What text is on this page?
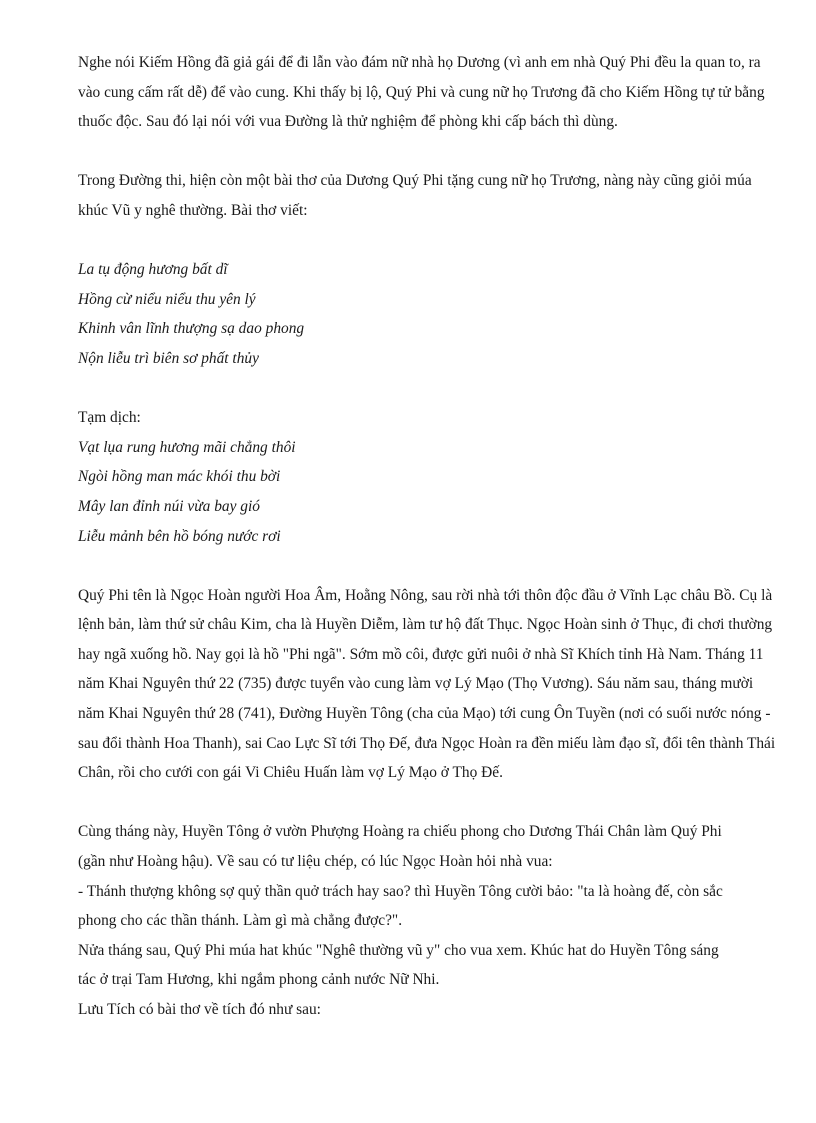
Nghe nói Kiếm Hồng đã giả gái để đi lẫn vào đám nữ nhà họ Dương (vì anh em nhà Quý Phi đều la quan to, ra vào cung cấm rất dễ) để vào cung. Khi thấy bị lộ, Quý Phi và cung nữ họ Trương đã cho Kiếm Hồng tự tử bằng thuốc độc. Sau đó lại nói với vua Đường là thử nghiệm để phòng khi cấp bách thì dùng.

Trong Đường thi, hiện còn một bài thơ của Dương Quý Phi tặng cung nữ họ Trương, nàng này cũng giỏi múa khúc Vũ y nghê thường. Bài thơ viết:

La tụ động hương bất dĩ
Hồng cừ niểu niểu thu yên lý
Khinh vân lĩnh thượng sạ dao phong
Nộn liễu trì biên sơ phất thủy
Tạm dịch:
Vạt lụa rung hương mãi chẳng thôi
Ngòi hồng man mác khói thu bời
Mây lan đỉnh núi vừa bay gió
Liễu mảnh bên hồ bóng nước rơi

Quý Phi tên là Ngọc Hoàn người Hoa Âm, Hoằng Nông, sau rời nhà tới thôn độc đầu ở Vĩnh Lạc châu Bồ. Cụ là lệnh bản, làm thứ sử châu Kim, cha là Huyền Diễm, làm tư hộ đất Thục. Ngọc Hoàn sinh ở Thục, đi chơi thường hay ngã xuống hồ. Nay gọi là hồ "Phi ngã". Sớm mồ côi, được gửi nuôi ở nhà Sĩ Khích tỉnh Hà Nam. Tháng 11 năm Khai Nguyên thứ 22 (735) được tuyển vào cung làm vợ Lý Mạo (Thọ Vương). Sáu năm sau, tháng mười năm Khai Nguyên thứ 28 (741), Đường Huyền Tông (cha của Mạo) tới cung Ôn Tuyền (nơi có suối nước nóng - sau đổi thành Hoa Thanh), sai Cao Lực Sĩ tới Thọ Đế, đưa Ngọc Hoàn ra đền miếu làm đạo sĩ, đổi tên thành Thái Chân, rồi cho cưới con gái Vi Chiêu Huấn làm vợ Lý Mạo ở Thọ Đế.

Cùng tháng này, Huyền Tông ở vườn Phượng Hoàng ra chiếu phong cho Dương Thái Chân làm Quý Phi
(gần như Hoàng hậu). Về sau có tư liệu chép, có lúc Ngọc Hoàn hỏi nhà vua:
- Thánh thượng không sợ quỷ thần quở trách hay sao? thì Huyền Tông cười bảo: "ta là hoàng đế, còn sắc
phong cho các thần thánh. Làm gì mà chẳng được?".
Nửa tháng sau, Quý Phi múa hat khúc "Nghê thường vũ y" cho vua xem. Khúc hat do Huyền Tông sáng
tác ở trại Tam Hương, khi ngắm phong cảnh nước Nữ Nhi.
Lưu Tích có bài thơ về tích đó như sau:
